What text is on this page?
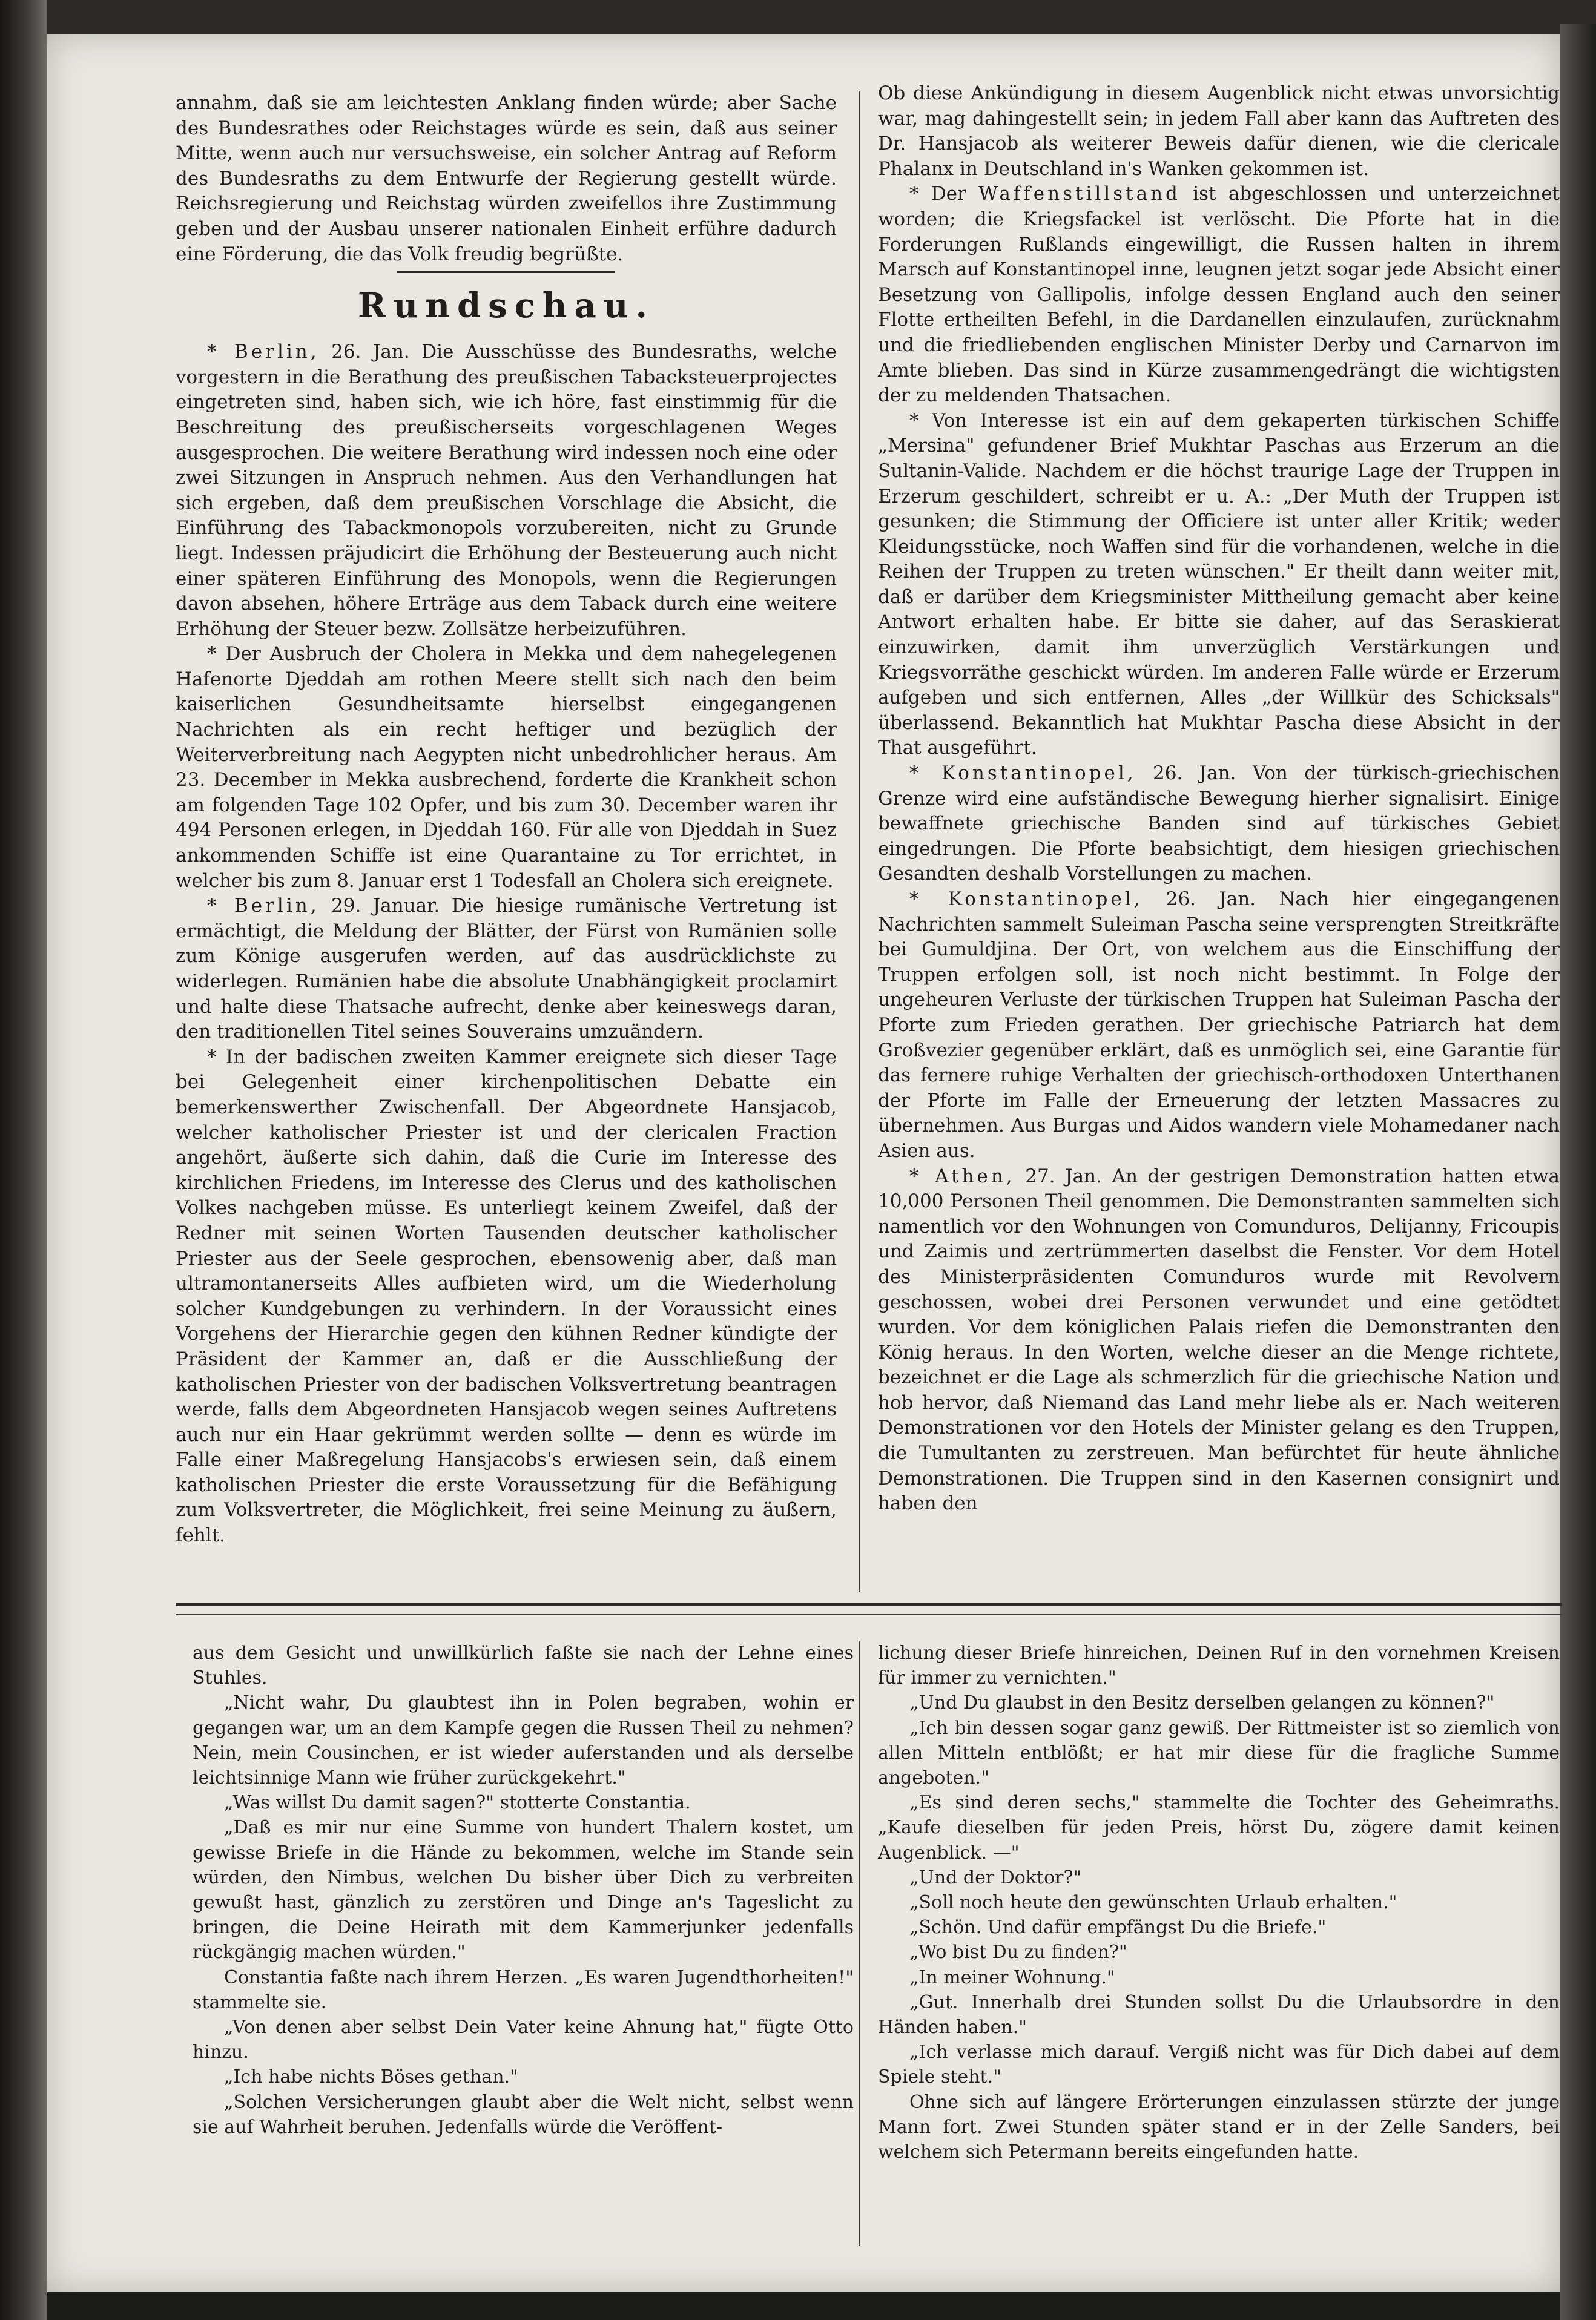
annahm, daß sie am leichtesten Anklang finden würde; aber Sache des Bundesrathes oder Reichstages würde es sein, daß aus seiner Mitte, wenn auch nur versuchsweise, ein solcher Antrag auf Reform des Bundesraths zu dem Entwurfe der Regierung gestellt würde. Reichsregierung und Reichstag würden zweifellos ihre Zustimmung geben und der Ausbau unserer nationalen Einheit erführe dadurch eine Förderung, die das Volk freudig begrüßte.

Rundschau.

* Berlin, 26. Jan. Die Ausschüsse des Bundesraths, welche vorgestern in die Berathung des preußischen Tabacksteuerprojectes eingetreten sind, haben sich, wie ich höre, fast einstimmig für die Beschreitung des preußischerseits vorgeschlagenen Weges ausgesprochen. Die weitere Berathung wird indessen noch eine oder zwei Sitzungen in Anspruch nehmen. Aus den Verhandlungen hat sich ergeben, daß dem preußischen Vorschlage die Absicht, die Einführung des Tabackmonopols vorzubereiten, nicht zu Grunde liegt. Indessen präjudicirt die Erhöhung der Besteuerung auch nicht einer späteren Einführung des Monopols, wenn die Regierungen davon absehen, höhere Erträge aus dem Taback durch eine weitere Erhöhung der Steuer bezw. Zollsätze herbeizuführen.

* Der Ausbruch der Cholera in Mekka und dem nahegelegenen Hafenorte Djeddah am rothen Meere stellt sich nach den beim kaiserlichen Gesundheitsamte hierselbst eingegangenen Nachrichten als ein recht heftiger und bezüglich der Weiterverbreitung nach Aegypten nicht unbedrohlicher heraus. Am 23. December in Mekka ausbrechend, forderte die Krankheit schon am folgenden Tage 102 Opfer, und bis zum 30. December waren ihr 494 Personen erlegen, in Djeddah 160. Für alle von Djeddah in Suez ankommenden Schiffe ist eine Quarantaine zu Tor errichtet, in welcher bis zum 8. Januar erst 1 Todesfall an Cholera sich ereignete.

* Berlin, 29. Januar. Die hiesige rumänische Vertretung ist ermächtigt, die Meldung der Blätter, der Fürst von Rumänien solle zum Könige ausgerufen werden, auf das ausdrücklichste zu widerlegen. Rumänien habe die absolute Unabhängigkeit proclamirt und halte diese Thatsache aufrecht, denke aber keineswegs daran, den traditionellen Titel seines Souverains umzuändern.

* In der badischen zweiten Kammer ereignete sich dieser Tage bei Gelegenheit einer kirchenpolitischen Debatte ein bemerkenswerther Zwischenfall. Der Abgeordnete Hansjacob, welcher katholischer Priester ist und der clericalen Fraction angehört, äußerte sich dahin, daß die Curie im Interesse des kirchlichen Friedens, im Interesse des Clerus und des katholischen Volkes nachgeben müsse. Es unterliegt keinem Zweifel, daß der Redner mit seinen Worten Tausenden deutscher katholischer Priester aus der Seele gesprochen, ebensowenig aber, daß man ultramontanerseits Alles aufbieten wird, um die Wiederholung solcher Kundgebungen zu verhindern. In der Voraussicht eines Vorgehens der Hierarchie gegen den kühnen Redner kündigte der Präsident der Kammer an, daß er die Ausschließung der katholischen Priester von der badischen Volksvertretung beantragen werde, falls dem Abgeordneten Hansjacob wegen seines Auftretens auch nur ein Haar gekrümmt werden sollte — denn es würde im Falle einer Maßregelung Hansjacobs's erwiesen sein, daß einem katholischen Priester die erste Voraussetzung für die Befähigung zum Volksvertreter, die Möglichkeit, frei seine Meinung zu äußern, fehlt.

Ob diese Ankündigung in diesem Augenblick nicht etwas unvorsichtig war, mag dahingestellt sein; in jedem Fall aber kann das Auftreten des Dr. Hansjacob als weiterer Beweis dafür dienen, wie die clericale Phalanx in Deutschland in's Wanken gekommen ist.

* Der Waffenstillstand ist abgeschlossen und unterzeichnet worden; die Kriegsfackel ist verlöscht. Die Pforte hat in die Forderungen Rußlands eingewilligt, die Russen halten in ihrem Marsch auf Konstantinopel inne, leugnen jetzt sogar jede Absicht einer Besetzung von Gallipolis, infolge dessen England auch den seiner Flotte ertheilten Befehl, in die Dardanellen einzulaufen, zurücknahm und die friedliebenden englischen Minister Derby und Carnarvon im Amte blieben. Das sind in Kürze zusammengedrängt die wichtigsten der zu meldenden Thatsachen.

* Von Interesse ist ein auf dem gekaperten türkischen Schiffe „Mersina" gefundener Brief Mukhtar Paschas aus Erzerum an die Sultanin-Valide. Nachdem er die höchst traurige Lage der Truppen in Erzerum geschildert, schreibt er u. A.: „Der Muth der Truppen ist gesunken; die Stimmung der Officiere ist unter aller Kritik; weder Kleidungsstücke, noch Waffen sind für die vorhandenen, welche in die Reihen der Truppen zu treten wünschen." Er theilt dann weiter mit, daß er darüber dem Kriegsminister Mittheilung gemacht aber keine Antwort erhalten habe. Er bitte sie daher, auf das Seraskierat einzuwirken, damit ihm unverzüglich Verstärkungen und Kriegsvorräthe geschickt würden. Im anderen Falle würde er Erzerum aufgeben und sich entfernen, Alles „der Willkür des Schicksals" überlassend. Bekanntlich hat Mukhtar Pascha diese Absicht in der That ausgeführt.

* Konstantinopel, 26. Jan. Von der türkisch-griechischen Grenze wird eine aufständische Bewegung hierher signalisirt. Einige bewaffnete griechische Banden sind auf türkisches Gebiet eingedrungen. Die Pforte beabsichtigt, dem hiesigen griechischen Gesandten deshalb Vorstellungen zu machen.

* Konstantinopel, 26. Jan. Nach hier eingegangenen Nachrichten sammelt Suleiman Pascha seine versprengten Streitkräfte bei Gumuldjina. Der Ort, von welchem aus die Einschiffung der Truppen erfolgen soll, ist noch nicht bestimmt. In Folge der ungeheuren Verluste der türkischen Truppen hat Suleiman Pascha der Pforte zum Frieden gerathen. Der griechische Patriarch hat dem Großvezier gegenüber erklärt, daß es unmöglich sei, eine Garantie für das fernere ruhige Verhalten der griechisch-orthodoxen Unterthanen der Pforte im Falle der Erneuerung der letzten Massacres zu übernehmen. Aus Burgas und Aidos wandern viele Mohamedaner nach Asien aus.

* Athen, 27. Jan. An der gestrigen Demonstration hatten etwa 10,000 Personen Theil genommen. Die Demonstranten sammelten sich namentlich vor den Wohnungen von Comunduros, Delijanny, Fricoupis und Zaimis und zertrümmerten daselbst die Fenster. Vor dem Hotel des Ministerpräsidenten Comunduros wurde mit Revolvern geschossen, wobei drei Personen verwundet und eine getödtet wurden. Vor dem königlichen Palais riefen die Demonstranten den König heraus. In den Worten, welche dieser an die Menge richtete, bezeichnet er die Lage als schmerzlich für die griechische Nation und hob hervor, daß Niemand das Land mehr liebe als er. Nach weiteren Demonstrationen vor den Hotels der Minister gelang es den Truppen, die Tumultanten zu zerstreuen. Man befürchtet für heute ähnliche Demonstrationen. Die Truppen sind in den Kasernen consignirt und haben den

aus dem Gesicht und unwillkürlich faßte sie nach der Lehne eines Stuhles.

„Nicht wahr, Du glaubtest ihn in Polen begraben, wohin er gegangen war, um an dem Kampfe gegen die Russen Theil zu nehmen? Nein, mein Cousinchen, er ist wieder auferstanden und als derselbe leichtsinnige Mann wie früher zurückgekehrt."

„Was willst Du damit sagen?" stotterte Constantia.

„Daß es mir nur eine Summe von hundert Thalern kostet, um gewisse Briefe in die Hände zu bekommen, welche im Stande sein würden, den Nimbus, welchen Du bisher über Dich zu verbreiten gewußt hast, gänzlich zu zerstören und Dinge an's Tageslicht zu bringen, die Deine Heirath mit dem Kammerjunker jedenfalls rückgängig machen würden."

Constantia faßte nach ihrem Herzen. „Es waren Jugendthorheiten!" stammelte sie.

„Von denen aber selbst Dein Vater keine Ahnung hat," fügte Otto hinzu.

„Ich habe nichts Böses gethan."

„Solchen Versicherungen glaubt aber die Welt nicht, selbst wenn sie auf Wahrheit beruhen. Jedenfalls würde die Veröffent-

lichung dieser Briefe hinreichen, Deinen Ruf in den vornehmen Kreisen für immer zu vernichten."

„Und Du glaubst in den Besitz derselben gelangen zu können?"

„Ich bin dessen sogar ganz gewiß. Der Rittmeister ist so ziemlich von allen Mitteln entblößt; er hat mir diese für die fragliche Summe angeboten."

„Es sind deren sechs," stammelte die Tochter des Geheimraths. „Kaufe dieselben für jeden Preis, hörst Du, zögere damit keinen Augenblick. —"

„Und der Doktor?"

„Soll noch heute den gewünschten Urlaub erhalten."

„Schön. Und dafür empfängst Du die Briefe."

„Wo bist Du zu finden?"

„In meiner Wohnung."

„Gut. Innerhalb drei Stunden sollst Du die Urlaubsordre in den Händen haben."

„Ich verlasse mich darauf. Vergiß nicht was für Dich dabei auf dem Spiele steht."

Ohne sich auf längere Erörterungen einzulassen stürzte der junge Mann fort. Zwei Stunden später stand er in der Zelle Sanders, bei welchem sich Petermann bereits eingefunden hatte.
